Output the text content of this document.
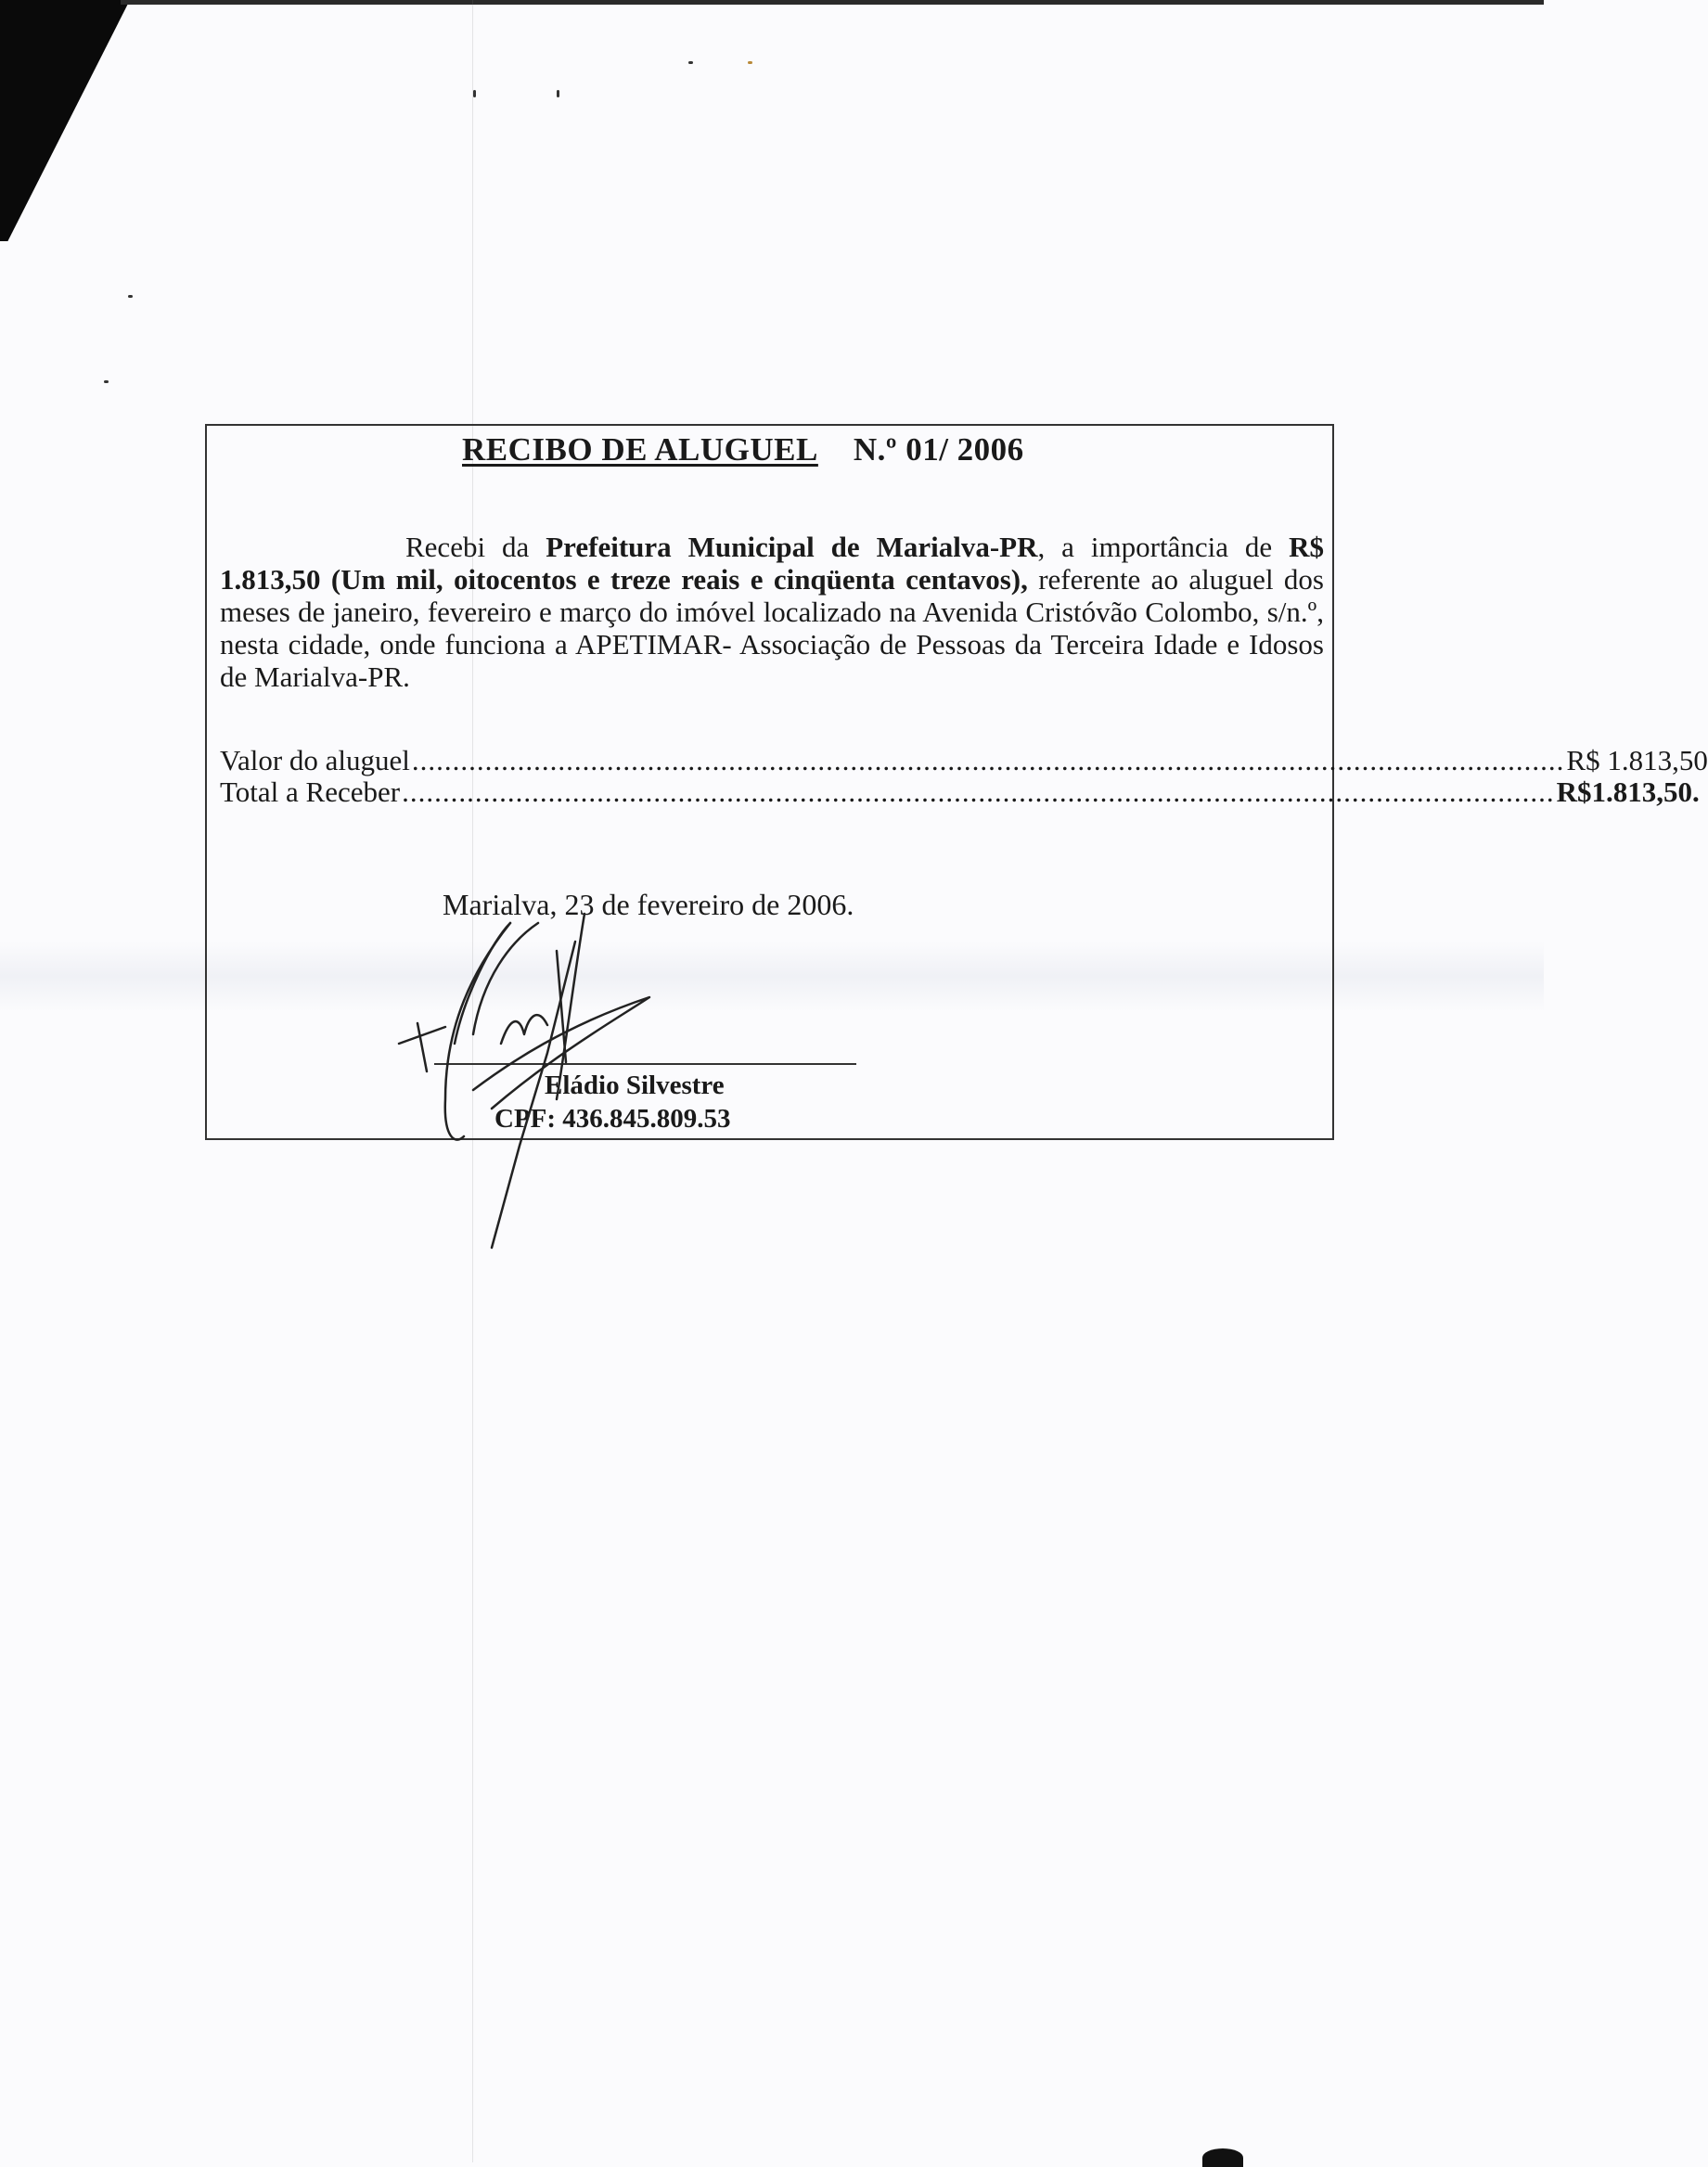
RECIBO DE ALUGUEL N.º 01/ 2006
Recebi da Prefeitura Municipal de Marialva-PR, a importância de R$ 1.813,50 (Um mil, oitocentos e treze reais e cinqüenta centavos), referente ao aluguel dos meses de janeiro, fevereiro e março do imóvel localizado na Avenida Cristóvão Colombo, s/n.º, nesta cidade, onde funciona a APETIMAR- Associação de Pessoas da Terceira Idade e Idosos de Marialva-PR.
Valor do aluguel .............................................................................................................................................. R$ 1.813,50
Total a Receber .............................................................................................................................................. R$1.813,50.
Marialva, 23 de fevereiro de 2006.
Eládio Silvestre
CPF: 436.845.809.53
